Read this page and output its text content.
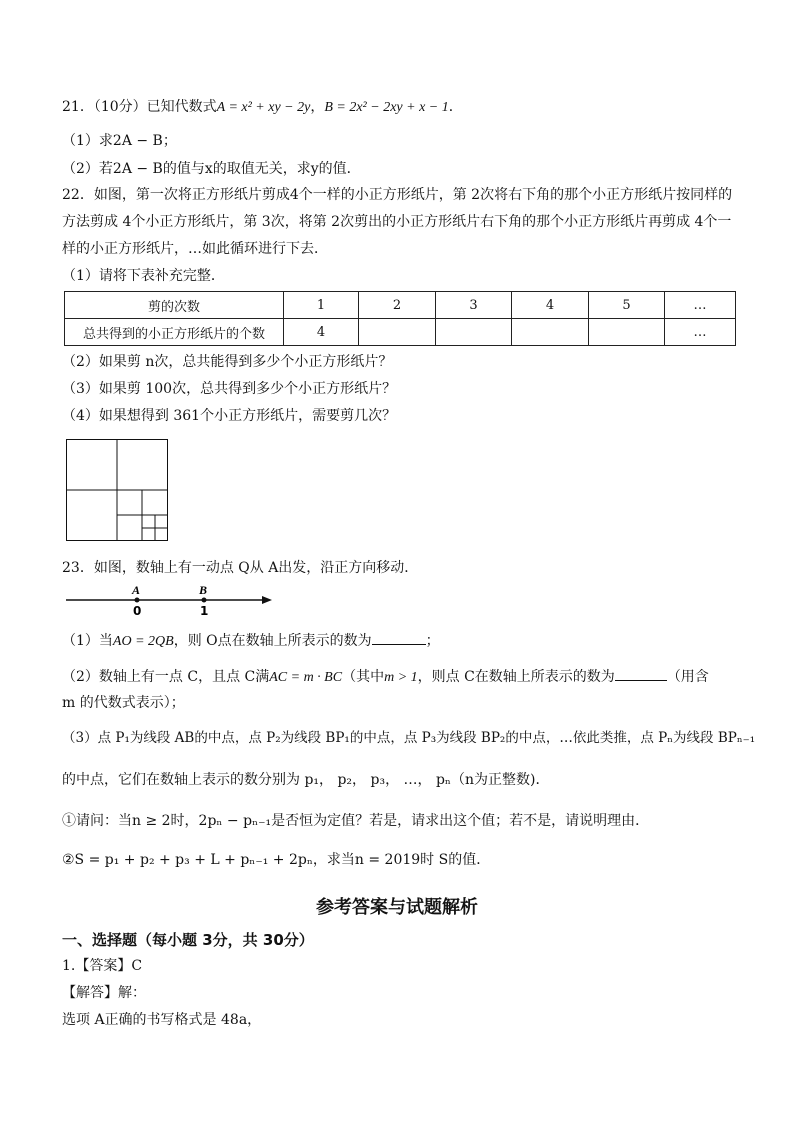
21．（10分）已知代数式A = x² + xy − 2y，B = 2x² − 2xy + x − 1．
（1）求2A − B；
（2）若2A − B的值与x的取值无关，求y的值．
22．如图，第一次将正方形纸片剪成4个一样的小正方形纸片，第 2次将右下角的那个小正方形纸片按同样的
方法剪成 4个小正方形纸片，第 3次，将第 2次剪出的小正方形纸片右下角的那个小正方形纸片再剪成 4个一
样的小正方形纸片，…如此循环进行下去．
（1）请将下表补充完整．
剪的次数	1	2	3	4	5	…
总共得到的小正方形纸片的个数	4					…
（2）如果剪 n次，总共能得到多少个小正方形纸片？
（3）如果剪 100次，总共得到多少个小正方形纸片？
（4）如果想得到 361个小正方形纸片，需要剪几次？
23．如图，数轴上有一动点 Q从 A出发，沿正方向移动．
A	B
0	1
（1）当AO = 2QB，则 O点在数轴上所表示的数为	；
（2）数轴上有一点 C，且点 C满AC = m · BC（其中m > 1，则点 C在数轴上所表示的数为	（用含
m 的代数式表示）；
（3）点 P₁为线段 AB的中点，点 P₂为线段 BP₁的中点，点 P₃为线段 BP₂的中点，…依此类推，点 Pₙ为线段 BPₙ₋₁
的中点，它们在数轴上表示的数分别为 p₁， p₂， p₃， …， pₙ（n为正整数)．
①请问：当n ≥ 2时，2pₙ − pₙ₋₁是否恒为定值？若是，请求出这个值；若不是，请说明理由．
②S = p₁ + p₂ + p₃ + L + pₙ₋₁ + 2pₙ，求当n = 2019时 S的值．
参考答案与试题解析
一、选择题（每小题 3分，共 30分）
1.【答案】C
【解答】解：
选项 A正确的书写格式是 48a，
